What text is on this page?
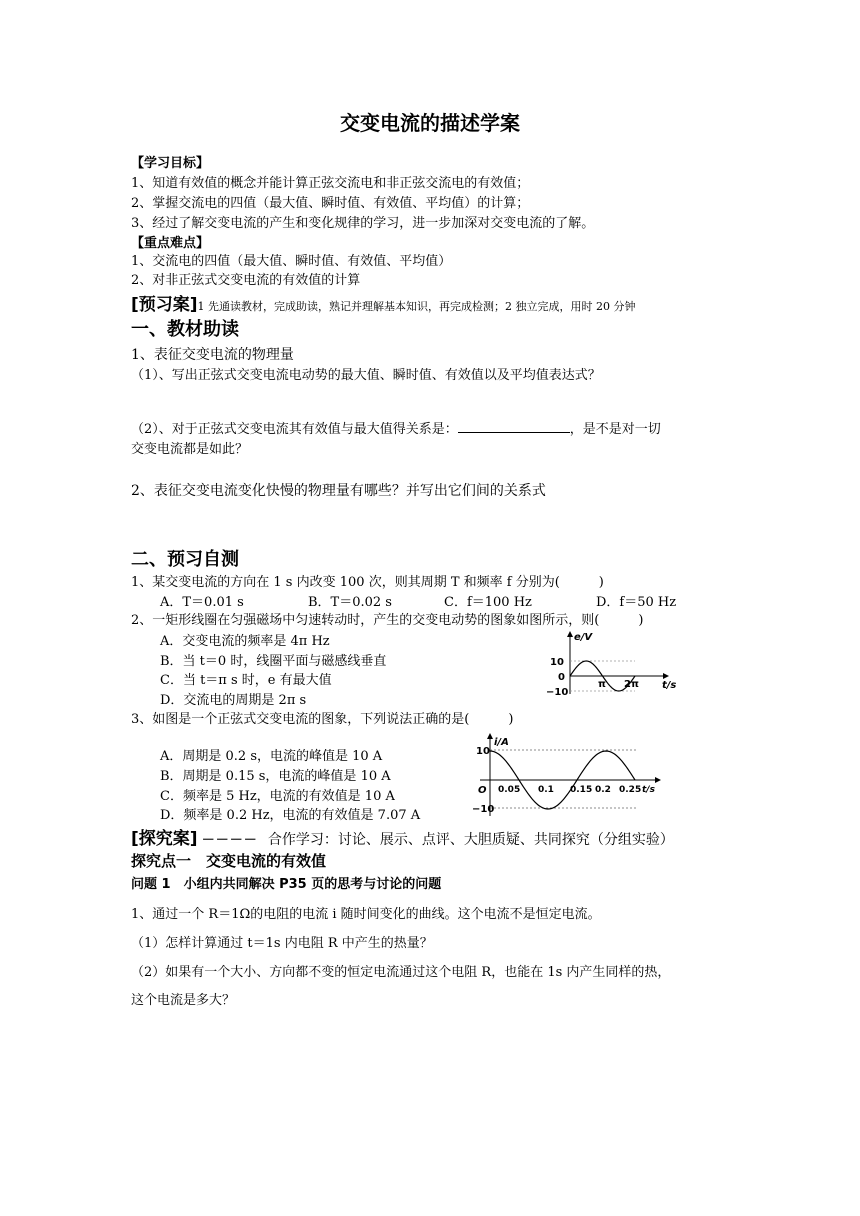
交变电流的描述学案
【学习目标】
1、知道有效值的概念并能计算正弦交流电和非正弦交流电的有效值；
2、掌握交流电的四值（最大值、瞬时值、有效值、平均值）的计算；
3、经过了解交变电流的产生和变化规律的学习，进一步加深对交变电流的了解。
【重点难点】
1、交流电的四值（最大值、瞬时值、有效值、平均值）
2、对非正弦式交变电流的有效值的计算
[预习案]1 先通读教材，完成助读，熟记并理解基本知识，再完成检测；2 独立完成，用时 20 分钟
一、教材助读
1、表征交变电流的物理量
（1）、写出正弦式交变电流电动势的最大值、瞬时值、有效值以及平均值表达式？
（2）、对于正弦式交变电流其有效值与最大值得关系是：	，是不是对一切
交变电流都是如此？
2、表征交变电流变化快慢的物理量有哪些？并写出它们间的关系式
二、预习自测
1、某交变电流的方向在 1 s 内改变 100 次，则其周期 T 和频率 f 分别为(　　　)
A．T＝0.01 s	B．T＝0.02 s	C．f＝100 Hz	D．f＝50 Hz
2、一矩形线圈在匀强磁场中匀速转动时，产生的交变电动势的图象如图所示，则(　　　)
A．交变电流的频率是 4π Hz
B．当 t＝0 时，线圈平面与磁感线垂直
C．当 t＝π s 时，e 有最大值
D．交流电的周期是 2π s
e/V
10
0
−10
π 2π t/s
3、如图是一个正弦式交变电流的图象，下列说法正确的是(　　　)
A．周期是 0.2 s，电流的峰值是 10 A
B．周期是 0.15 s，电流的峰值是 10 A
C．频率是 5 Hz，电流的有效值是 10 A
D．频率是 0.2 Hz，电流的有效值是 7.07 A
i/A
10
O
−10
0.05 0.1 0.15 0.2 0.25 t/s
[探究案] －－－－ 合作学习：讨论、展示、点评、大胆质疑、共同探究（分组实验）
探究点一　交变电流的有效值
问题 1　小组内共同解决 P35 页的思考与讨论的问题
1、通过一个 R＝1Ω的电阻的电流 i 随时间变化的曲线。这个电流不是恒定电流。
（1）怎样计算通过 t＝1s 内电阻 R 中产生的热量？
（2）如果有一个大小、方向都不变的恒定电流通过这个电阻 R，也能在 1s 内产生同样的热，
这个电流是多大？
